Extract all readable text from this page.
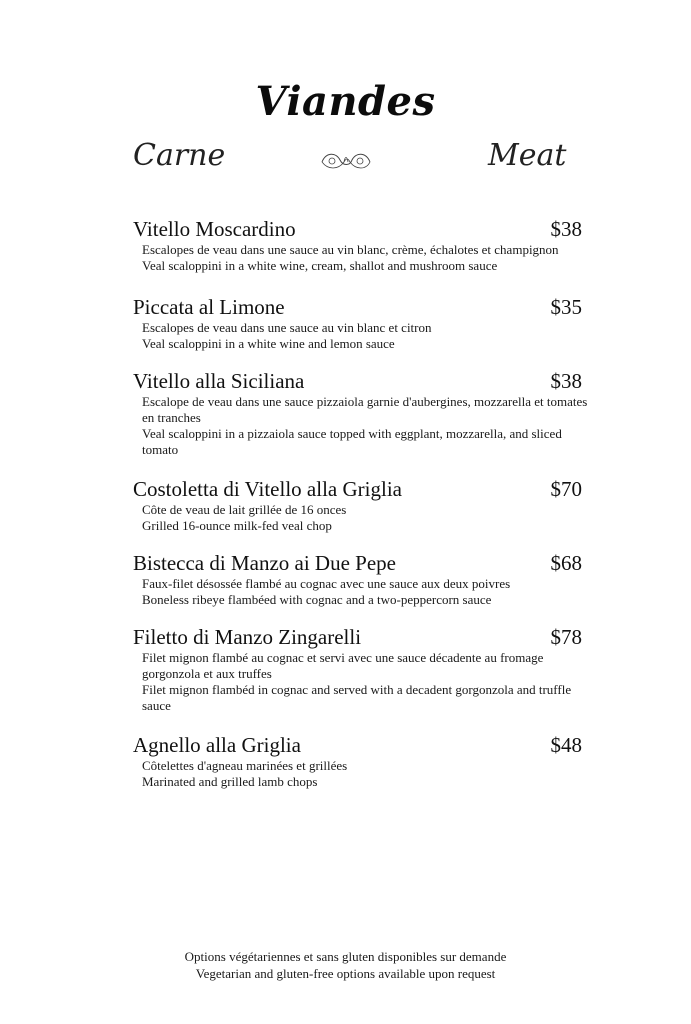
Viandes
Carne	Meat
Vitello Moscardino	$38
Escalopes de veau dans une sauce au vin blanc, crème, échalotes et champignon
Veal scaloppini in a white wine, cream, shallot and mushroom sauce
Piccata al Limone	$35
Escalopes de veau dans une sauce au vin blanc et citron
Veal scaloppini in a white wine and lemon sauce
Vitello alla Siciliana	$38
Escalope de veau dans une sauce pizzaiola garnie d'aubergines, mozzarella et tomates en tranches
Veal scaloppini in a pizzaiola sauce topped with eggplant, mozzarella, and sliced tomato
Costoletta di Vitello alla Griglia	$70
Côte de veau de lait grillée de 16 onces
Grilled 16-ounce milk-fed veal chop
Bistecca di Manzo ai Due Pepe	$68
Faux-filet désossée flambé au cognac avec une sauce aux deux poivres
Boneless ribeye flambéed with cognac and a two-peppercorn sauce
Filetto di Manzo Zingarelli	$78
Filet mignon flambé au cognac et servi avec une sauce décadente au fromage gorgonzola et aux truffes
Filet mignon flambéd in cognac and served with a decadent gorgonzola and truffle sauce
Agnello alla Griglia	$48
Côtelettes d'agneau marinées et grillées
Marinated and grilled lamb chops
Options végétariennes et sans gluten disponibles sur demande
Vegetarian and gluten-free options available upon request
